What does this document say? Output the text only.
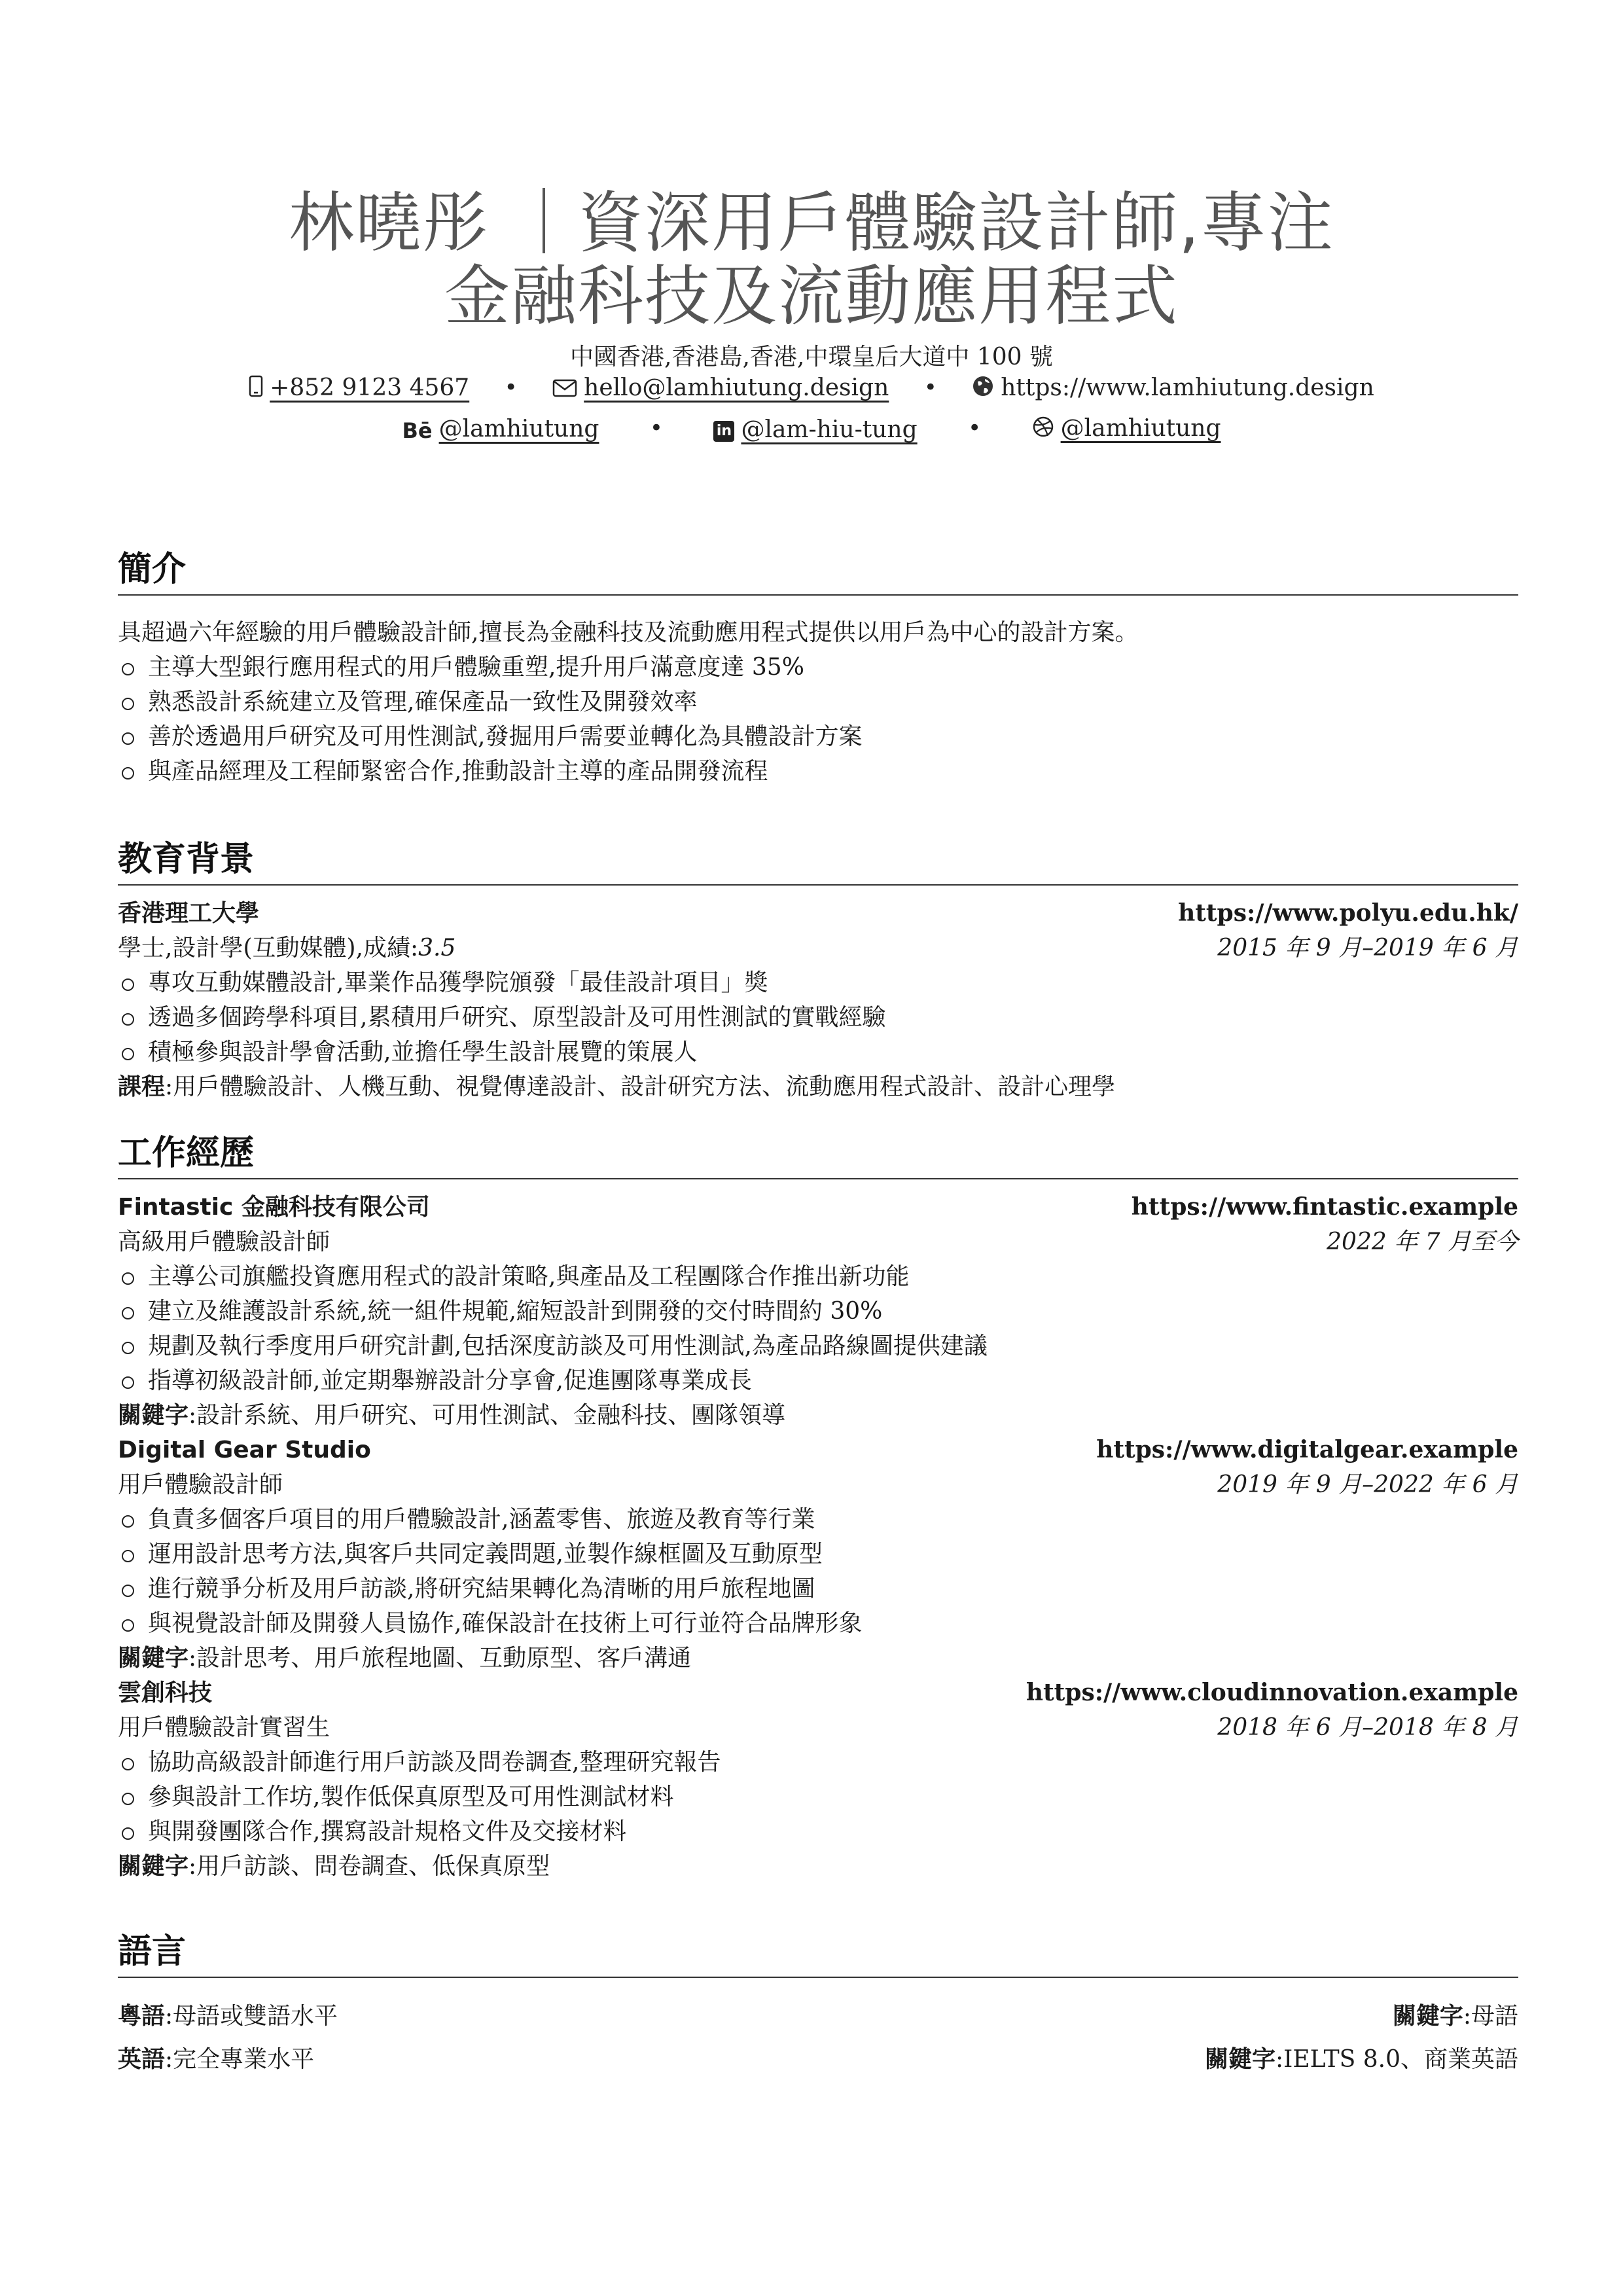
林曉彤 ｜資深用戶體驗設計師,專注
金融科技及流動應用程式
中國香港,香港島,香港,中環皇后大道中 100 號
+852 9123 4567 •	hello@lamhiutung.design •	https://www.lamhiutung.design
Bē @lamhiutung •	in @lam-hiu-tung •	@lamhiutung
簡介
具超過六年經驗的用戶體驗設計師,擅長為金融科技及流動應用程式提供以用戶為中心的設計方案。
主導大型銀行應用程式的用戶體驗重塑,提升用戶滿意度達 35%
熟悉設計系統建立及管理,確保產品一致性及開發效率
善於透過用戶研究及可用性測試,發掘用戶需要並轉化為具體設計方案
與產品經理及工程師緊密合作,推動設計主導的產品開發流程
教育背景
香港理工大學	https://www.polyu.edu.hk/
學士,設計學(互動媒體),成績:3.5	2015 年 9 月–2019 年 6 月
專攻互動媒體設計,畢業作品獲學院頒發「最佳設計項目」獎
透過多個跨學科項目,累積用戶研究、原型設計及可用性測試的實戰經驗
積極參與設計學會活動,並擔任學生設計展覽的策展人
課程:用戶體驗設計、人機互動、視覺傳達設計、設計研究方法、流動應用程式設計、設計心理學
工作經歷
Fintastic 金融科技有限公司	https://www.fintastic.example
高級用戶體驗設計師	2022 年 7 月至今
主導公司旗艦投資應用程式的設計策略,與產品及工程團隊合作推出新功能
建立及維護設計系統,統一組件規範,縮短設計到開發的交付時間約 30%
規劃及執行季度用戶研究計劃,包括深度訪談及可用性測試,為產品路線圖提供建議
指導初級設計師,並定期舉辦設計分享會,促進團隊專業成長
關鍵字:設計系統、用戶研究、可用性測試、金融科技、團隊領導
Digital Gear Studio	https://www.digitalgear.example
用戶體驗設計師	2019 年 9 月–2022 年 6 月
負責多個客戶項目的用戶體驗設計,涵蓋零售、旅遊及教育等行業
運用設計思考方法,與客戶共同定義問題,並製作線框圖及互動原型
進行競爭分析及用戶訪談,將研究結果轉化為清晰的用戶旅程地圖
與視覺設計師及開發人員協作,確保設計在技術上可行並符合品牌形象
關鍵字:設計思考、用戶旅程地圖、互動原型、客戶溝通
雲創科技	https://www.cloudinnovation.example
用戶體驗設計實習生	2018 年 6 月–2018 年 8 月
協助高級設計師進行用戶訪談及問卷調查,整理研究報告
參與設計工作坊,製作低保真原型及可用性測試材料
與開發團隊合作,撰寫設計規格文件及交接材料
關鍵字:用戶訪談、問卷調查、低保真原型
語言
粵語:母語或雙語水平	關鍵字:母語
英語:完全專業水平	關鍵字:IELTS 8.0、商業英語
